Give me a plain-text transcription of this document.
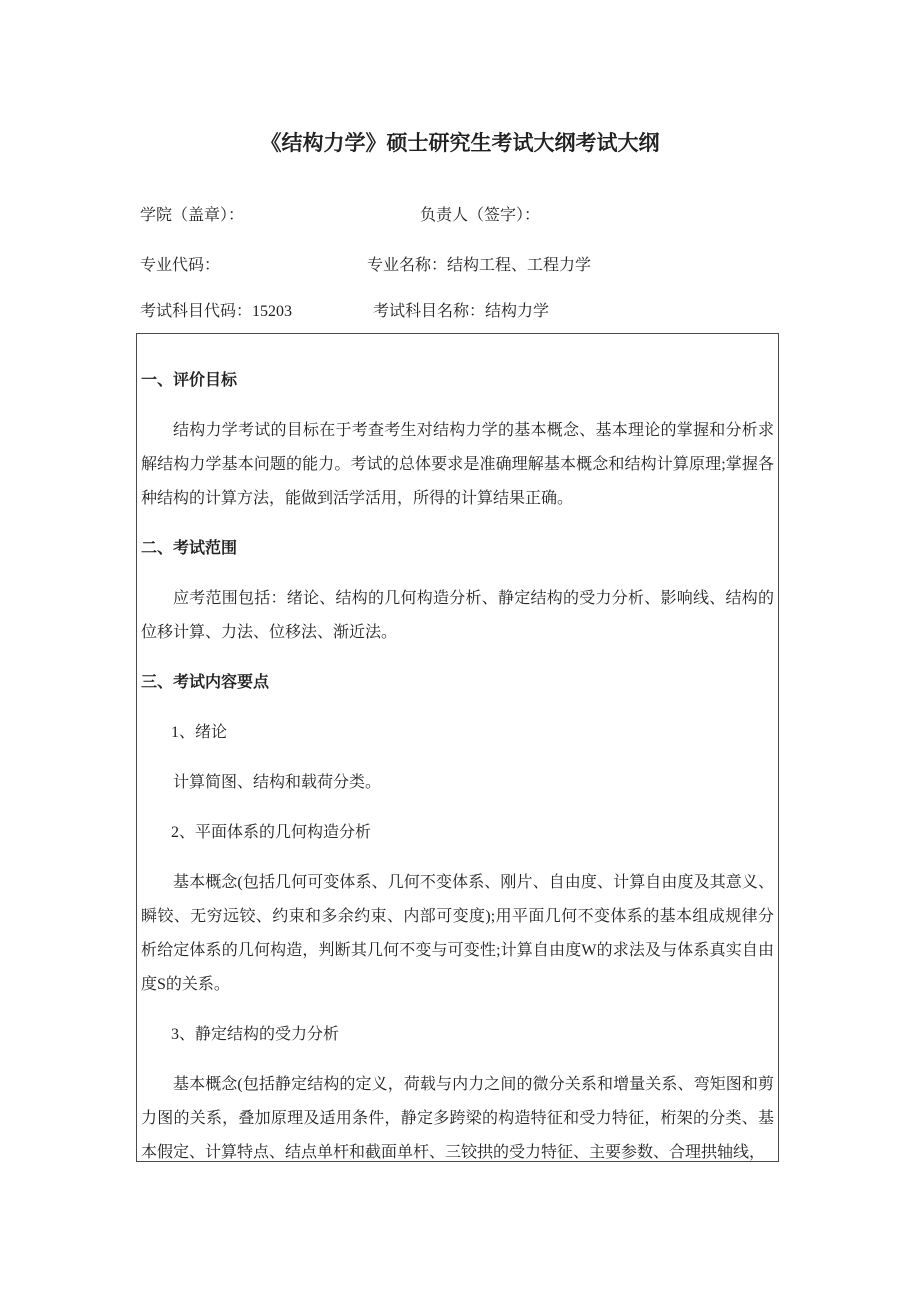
《结构力学》硕士研究生考试大纲考试大纲
学院（盖章）：	负责人（签字）：
专业代码：	专业名称：结构工程、工程力学
考试科目代码：15203	考试科目名称：结构力学

一、评价目标

结构力学考试的目标在于考查考生对结构力学的基本概念、基本理论的掌握和分析求解结构力学基本问题的能力。考试的总体要求是准确理解基本概念和结构计算原理;掌握各种结构的计算方法，能做到活学活用，所得的计算结果正确。

二、考试范围

应考范围包括：绪论、结构的几何构造分析、静定结构的受力分析、影响线、结构的位移计算、力法、位移法、渐近法。

三、考试内容要点

1、绪论

计算简图、结构和载荷分类。

2、平面体系的几何构造分析

基本概念(包括几何可变体系、几何不变体系、刚片、自由度、计算自由度及其意义、瞬铰、无穷远铰、约束和多余约束、内部可变度);用平面几何不变体系的基本组成规律分析给定体系的几何构造，判断其几何不变与可变性;计算自由度W的求法及与体系真实自由度S的关系。

3、静定结构的受力分析

基本概念(包括静定结构的定义，荷载与内力之间的微分关系和增量关系、弯矩图和剪力图的关系，叠加原理及适用条件，静定多跨梁的构造特征和受力特征，桁架的分类、基本假定、计算特点、结点单杆和截面单杆、三铰拱的受力特征、主要参数、合理拱轴线，
